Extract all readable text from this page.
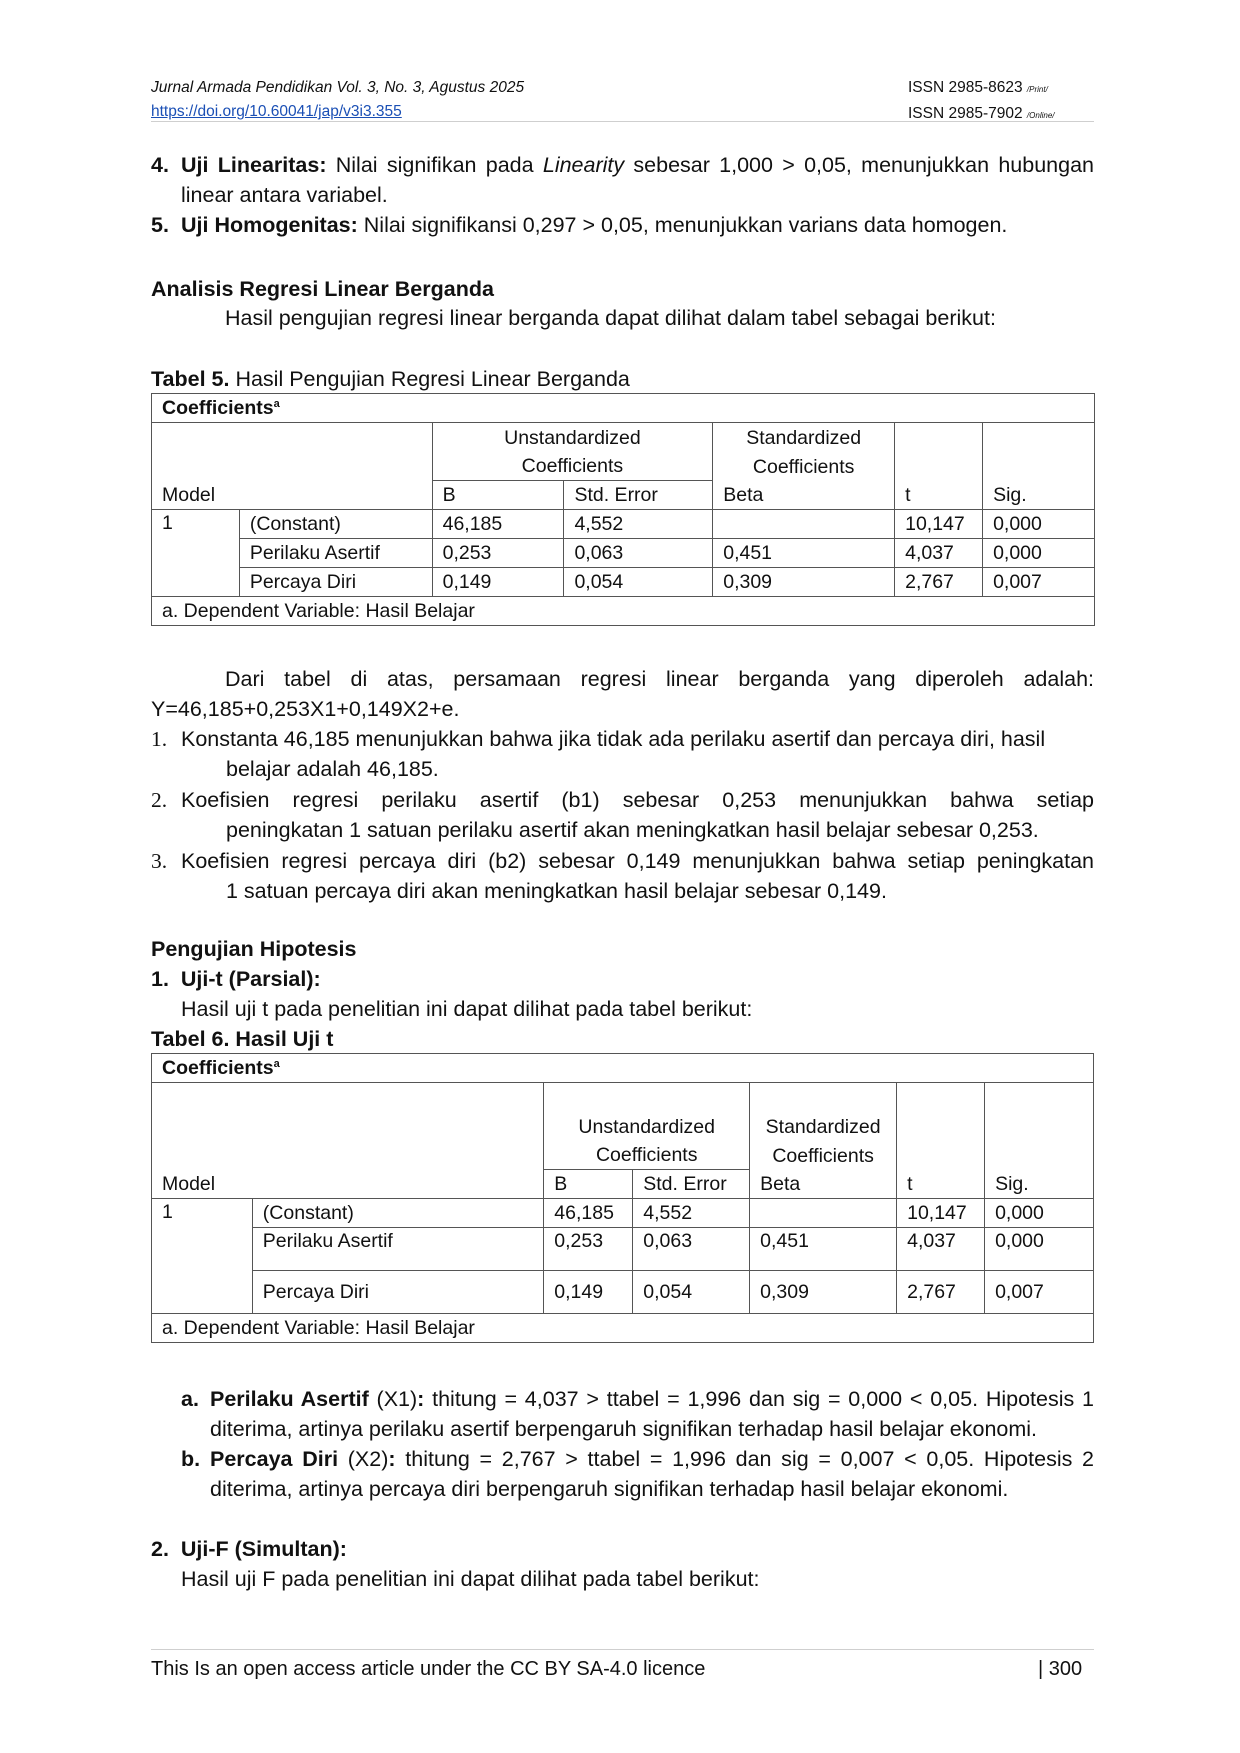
Jurnal Armada Pendidikan Vol. 3, No. 3, Agustus 2025
https://doi.org/10.60041/jap/v3i3.355
ISSN 2985-8623 /Print/
ISSN 2985-7902 /Online/
4. Uji Linearitas: Nilai signifikan pada Linearity sebesar 1,000 > 0,05, menunjukkan hubungan linear antara variabel.
5. Uji Homogenitas: Nilai signifikansi 0,297 > 0,05, menunjukkan varians data homogen.
Analisis Regresi Linear Berganda
Hasil pengujian regresi linear berganda dapat dilihat dalam tabel sebagai berikut:
Tabel 5. Hasil Pengujian Regresi Linear Berganda
Coefficients$^a$
		Unstandardized		Standardized		
		Coefficients		Coefficients		
Model		B	Std. Error	Beta	t	Sig.
1	(Constant)	46,185	4,552		10,147	0,000
	Perilaku Asertif	0,253	0,063	0,451	4,037	0,000
	Percaya Diri	0,149	0,054	0,309	2,767	0,007
a. Dependent Variable: Hasil Belajar						
Dari tabel di atas, persamaan regresi linear berganda yang diperoleh adalah:
Y=46,185+0,253X1+0,149X2+e.
1. Konstanta 46,185 menunjukkan bahwa jika tidak ada perilaku asertif dan percaya diri, hasil
belajar adalah 46,185.
2. Koefisien regresi perilaku asertif (b1) sebesar 0,253 menunjukkan bahwa setiap
peningkatan 1 satuan perilaku asertif akan meningkatkan hasil belajar sebesar 0,253.
3. Koefisien regresi percaya diri (b2) sebesar 0,149 menunjukkan bahwa setiap peningkatan
1 satuan percaya diri akan meningkatkan hasil belajar sebesar 0,149.
Pengujian Hipotesis
1. Uji-t (Parsial):
Hasil uji t pada penelitian ini dapat dilihat pada tabel berikut:
Tabel 6. Hasil Uji t
Coefficients$^a$

		Unstandardized		Standardized		
		Coefficients		Coefficients		
Model		B	Std. Error	Beta	t	Sig.
1	(Constant)	46,185	4,552		10,147	0,000
	Perilaku Asertif	0,253	0,063	0,451	4,037	0,000
	Percaya Diri	0,149	0,054	0,309	2,767	0,007
a. Dependent Variable: Hasil Belajar						
a. Perilaku Asertif (X1): thitung = 4,037 > ttabel = 1,996 dan sig = 0,000 < 0,05. Hipotesis 1
diterima, artinya perilaku asertif berpengaruh signifikan terhadap hasil belajar ekonomi.
b. Percaya Diri (X2): thitung = 2,767 > ttabel = 1,996 dan sig = 0,007 < 0,05. Hipotesis 2
diterima, artinya percaya diri berpengaruh signifikan terhadap hasil belajar ekonomi.
2. Uji-F (Simultan):
Hasil uji F pada penelitian ini dapat dilihat pada tabel berikut:
This Is an open access article under the CC BY SA-4.0 licence	| 300
